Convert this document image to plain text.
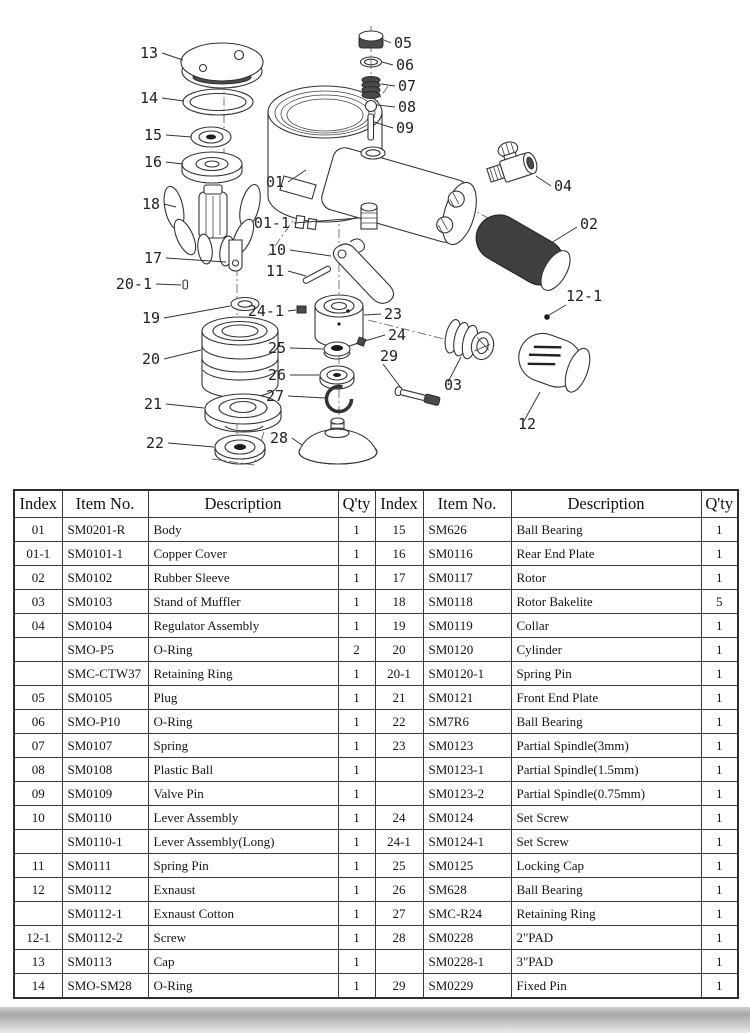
13
14
15
16
18
17
20-1
19
20
21
22
01
01-1
10
11
24-1
25
26
27
28
05
06
07
08
09
04
02
12-1
23
24
29
03
12
Index	Item No.	Description	Q'ty	Index	Item No.	Description	Q'ty
01	SM0201-R	Body	1	15	SM626	Ball Bearing	1
01-1	SM0101-1	Copper Cover	1	16	SM0116	Rear End Plate	1
02	SM0102	Rubber Sleeve	1	17	SM0117	Rotor	1
03	SM0103	Stand of Muffler	1	18	SM0118	Rotor Bakelite	5
04	SM0104	Regulator Assembly	1	19	SM0119	Collar	1
	SMO-P5	O-Ring	2	20	SM0120	Cylinder	1
	SMC-CTW37	Retaining Ring	1	20-1	SM0120-1	Spring Pin	1
05	SM0105	Plug	1	21	SM0121	Front End Plate	1
06	SMO-P10	O-Ring	1	22	SM7R6	Ball Bearing	1
07	SM0107	Spring	1	23	SM0123	Partial Spindle(3mm)	1
08	SM0108	Plastic Ball	1		SM0123-1	Partial Spindle(1.5mm)	1
09	SM0109	Valve Pin	1		SM0123-2	Partial Spindle(0.75mm)	1
10	SM0110	Lever Assembly	1	24	SM0124	Set Screw	1
	SM0110-1	Lever Assembly(Long)	1	24-1	SM0124-1	Set Screw	1
11	SM0111	Spring Pin	1	25	SM0125	Locking Cap	1
12	SM0112	Exnaust	1	26	SM628	Ball Bearing	1
	SM0112-1	Exnaust Cotton	1	27	SMC-R24	Retaining Ring	1
12-1	SM0112-2	Screw	1	28	SM0228	2"PAD	1
13	SM0113	Cap	1		SM0228-1	3"PAD	1
14	SMO-SM28	O-Ring	1	29	SM0229	Fixed Pin	1
